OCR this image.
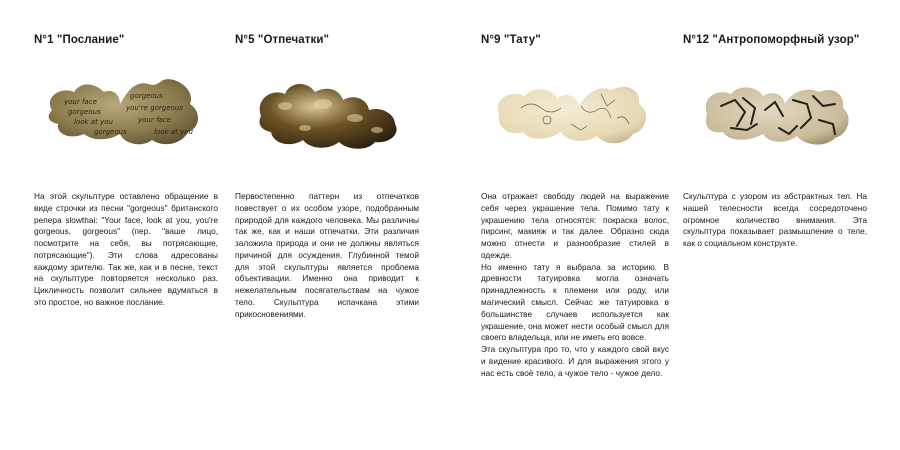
N°1 "Послание"
your face
gorgeous
gorgeous	you're gorgeous
look at you	your face
gorgeous	look at you

На этой скульптуре оставлено обращение в виде строчки из песни "gorgeous" британского репера slowthai: "Your face, look at you, you're gorgeous, gorgeous" (пер. "ваше лицо, посмотрите на себя, вы потрясающие, потрясающие"). Эти слова адресованы каждому зрителю. Так же, как и в песне, текст на скульптуре повторяется несколько раз. Цикличность позволит сильнее вдуматься в это простое, но важное послание.

N°5 "Отпечатки"

Первостепенно паттерн из отпечатков повествует о их особом узоре, подобранным природой для каждого человека. Мы различны так же, как и наши отпечатки. Эти различия заложила природа и они не должны являться причиной для осуждения. Глубинной темой для этой скульптуры является проблема объективации. Именно она приводит к нежелательным посягательствам на чужое тело. Скульптура испачкана этими прикосновениями.

N°9 "Тату"

Она отражает свободу людей на выражение себя через украшение тела. Помимо тату к украшению тела относятся: покраска волос, пирсинг, макияж и так далее. Образно сюда можно отнести и разнообразие стилей в одежде.

Но именно тату я выбрала за историю. В древности татуировка могла означать принадлежность к племени или роду, или магический смысл. Сейчас же татуировка в большинстве случаев используется как украшение, она может нести особый смысл для своего владельца, или не иметь его вовсе.

Эта скульптура про то, что у каждого свой вкус и видение красивого. И для выражения этого у нас есть своё тело, а чужое тело - чужое дело.

N°12 "Антропоморфный узор"

Скульптура с узором из абстрактных тел. На нашей телесности всегда сосредоточено огромное количество внимания. Эта скульптура показывает размышление о теле, как о социальном конструкте.
